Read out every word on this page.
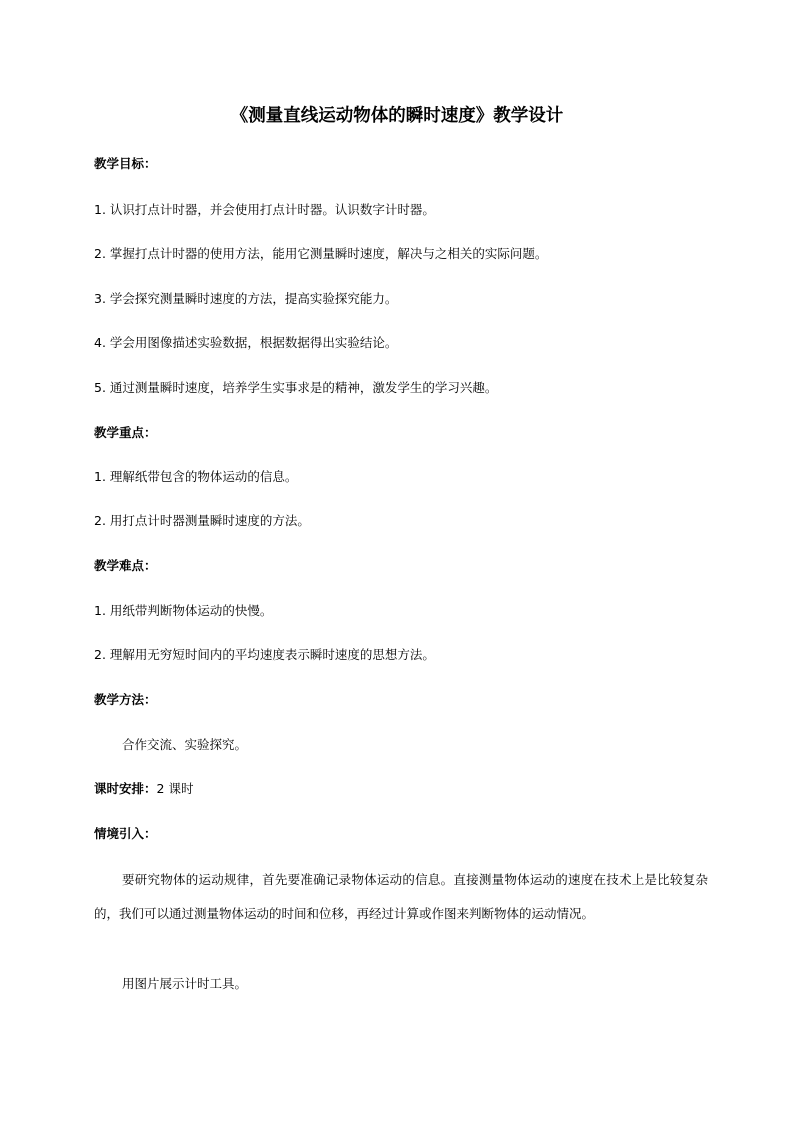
《测量直线运动物体的瞬时速度》教学设计
教学目标：
1. 认识打点计时器，并会使用打点计时器。认识数字计时器。
2. 掌握打点计时器的使用方法，能用它测量瞬时速度，解决与之相关的实际问题。
3. 学会探究测量瞬时速度的方法，提高实验探究能力。
4. 学会用图像描述实验数据，根据数据得出实验结论。
5. 通过测量瞬时速度，培养学生实事求是的精神，激发学生的学习兴趣。
教学重点：
1. 理解纸带包含的物体运动的信息。
2. 用打点计时器测量瞬时速度的方法。
教学难点：
1. 用纸带判断物体运动的快慢。
2. 理解用无穷短时间内的平均速度表示瞬时速度的思想方法。
教学方法：
合作交流、实验探究。
课时安排：2 课时
情境引入：
要研究物体的运动规律，首先要准确记录物体运动的信息。直接测量物体运动的速度在技术上是比较复杂的，我们可以通过测量物体运动的时间和位移，再经过计算或作图来判断物体的运动情况。
用图片展示计时工具。
